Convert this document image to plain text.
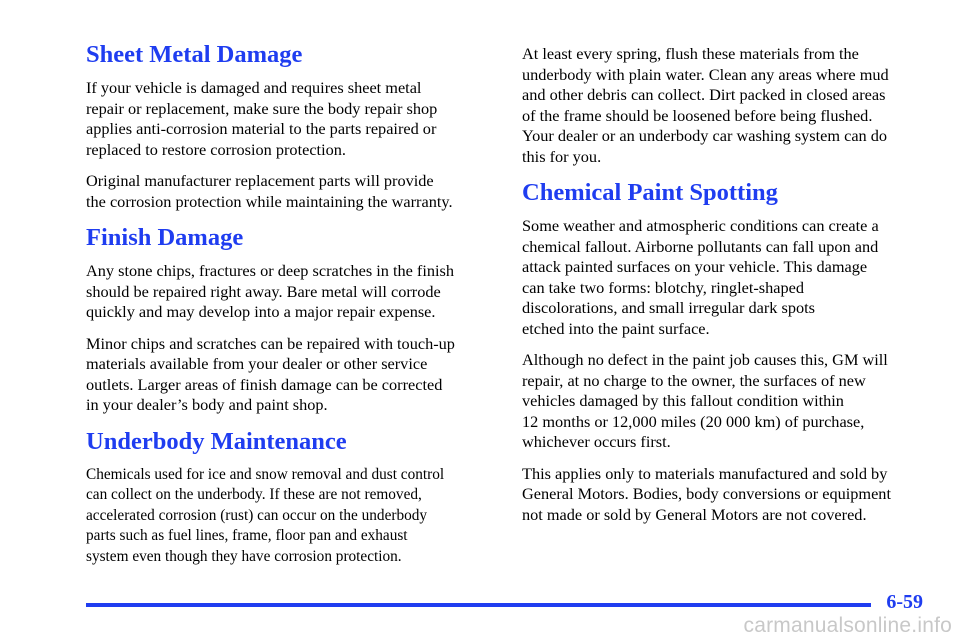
Sheet Metal Damage
If your vehicle is damaged and requires sheet metal
repair or replacement, make sure the body repair shop
applies anti-corrosion material to the parts repaired or
replaced to restore corrosion protection.
Original manufacturer replacement parts will provide
the corrosion protection while maintaining the warranty.
Finish Damage
Any stone chips, fractures or deep scratches in the finish
should be repaired right away. Bare metal will corrode
quickly and may develop into a major repair expense.
Minor chips and scratches can be repaired with touch-up
materials available from your dealer or other service
outlets. Larger areas of finish damage can be corrected
in your dealer’s body and paint shop.
Underbody Maintenance
Chemicals used for ice and snow removal and dust control
can collect on the underbody. If these are not removed,
accelerated corrosion (rust) can occur on the underbody
parts such as fuel lines, frame, floor pan and exhaust
system even though they have corrosion protection.
At least every spring, flush these materials from the
underbody with plain water. Clean any areas where mud
and other debris can collect. Dirt packed in closed areas
of the frame should be loosened before being flushed.
Your dealer or an underbody car washing system can do
this for you.
Chemical Paint Spotting
Some weather and atmospheric conditions can create a
chemical fallout. Airborne pollutants can fall upon and
attack painted surfaces on your vehicle. This damage
can take two forms: blotchy, ringlet-shaped
discolorations, and small irregular dark spots
etched into the paint surface.
Although no defect in the paint job causes this, GM will
repair, at no charge to the owner, the surfaces of new
vehicles damaged by this fallout condition within
12 months or 12,000 miles (20 000 km) of purchase,
whichever occurs first.
This applies only to materials manufactured and sold by
General Motors. Bodies, body conversions or equipment
not made or sold by General Motors are not covered.
6-59
carmanualsonline.info
